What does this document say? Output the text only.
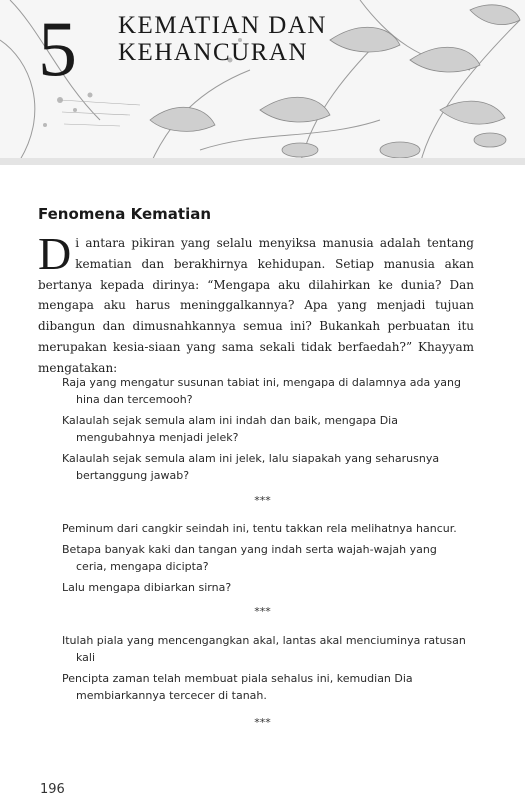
5 KEMATIAN DAN
KEHANCURAN
Fenomena Kematian
D i antara pikiran yang selalu menyiksa manusia adalah tentang kematian dan berakhirnya kehidupan. Setiap manusia akan bertanya kepada dirinya: “Mengapa aku dilahirkan ke dunia? Dan mengapa aku harus meninggalkannya? Apa yang menjadi tujuan dibangun dan dimusnahkannya semua ini? Bukankah perbuatan itu merupakan kesia-siaan yang sama sekali tidak berfaedah?” Khayyam mengatakan:

Raja yang mengatur susunan tabiat ini, mengapa di dalamnya ada yang hina dan tercemooh?

Kalaulah sejak semula alam ini indah dan baik, mengapa Dia mengubahnya menjadi jelek?

Kalaulah sejak semula alam ini jelek, lalu siapakah yang seharusnya bertanggung jawab?

***

Peminum dari cangkir seindah ini, tentu takkan rela melihatnya hancur.

Betapa banyak kaki dan tangan yang indah serta wajah-wajah yang ceria, mengapa dicipta?

Lalu mengapa dibiarkan sirna?

***

Itulah piala yang mencengangkan akal, lantas akal menciuminya ratusan kali

Pencipta zaman telah membuat piala sehalus ini, kemudian Dia membiarkannya tercecer di tanah.

***
196
